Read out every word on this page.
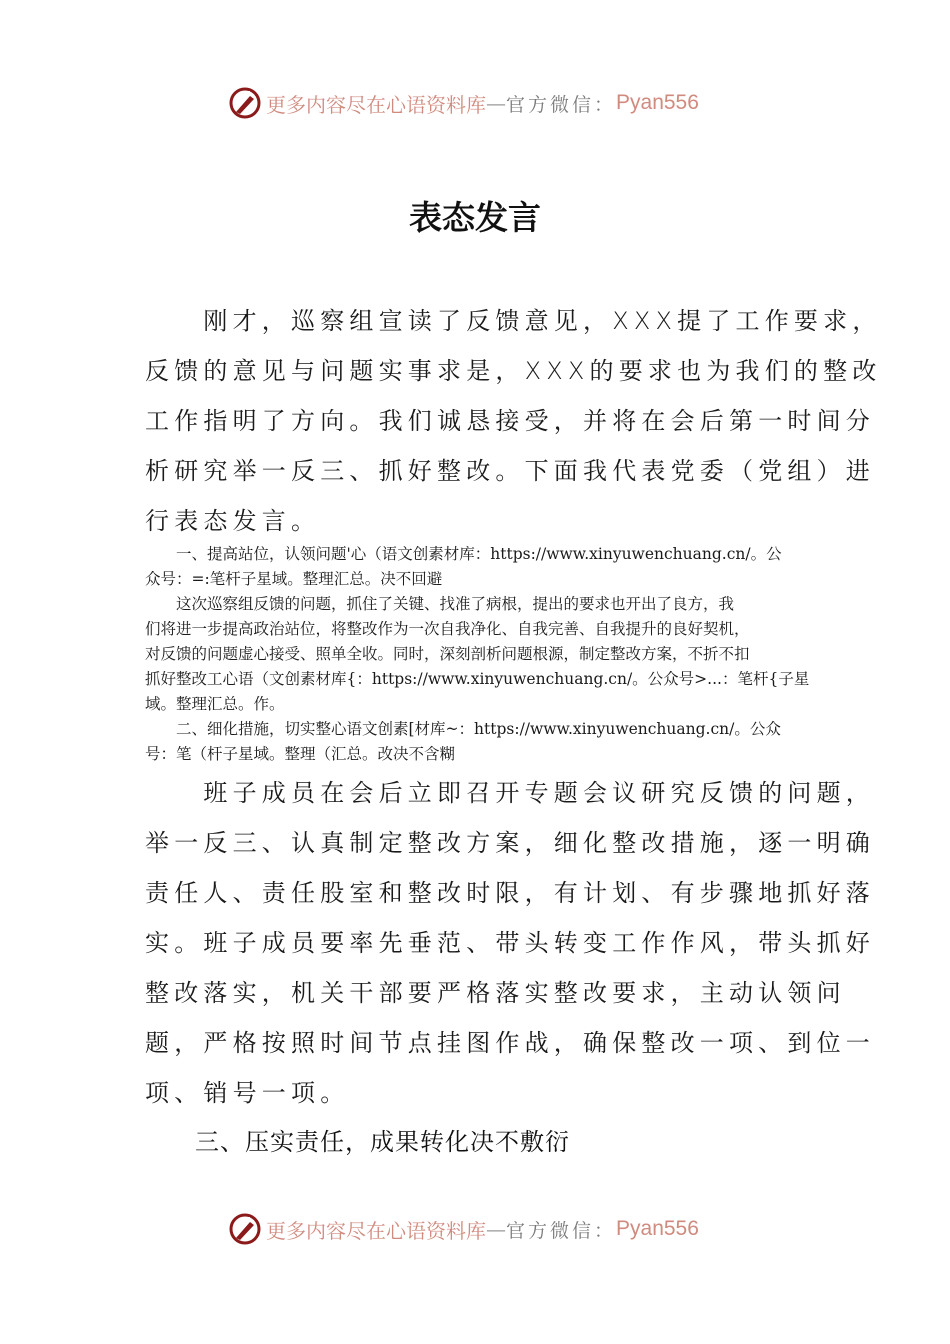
更多内容尽在心语资料库 — 官方微信： Pyan556
表态发言
　　刚才，巡察组宣读了反馈意见，XXX提了工作要求，
反馈的意见与问题实事求是，XXX的要求也为我们的整改
工作指明了方向。我们诚恳接受，并将在会后第一时间分
析研究举一反三、抓好整改。下面我代表党委（党组）进
行表态发言。
　　一、提高站位，认领问题'心（语文创素材库：https://www.xinyuwenchuang.cn/。公
众号：=:笔杆子星域。整理汇总。决不回避
　　这次巡察组反馈的问题，抓住了关键、找准了病根，提出的要求也开出了良方，我
们将进一步提高政治站位，将整改作为一次自我净化、自我完善、自我提升的良好契机，
对反馈的问题虚心接受、照单全收。同时，深刻剖析问题根源，制定整改方案，不折不扣
抓好整改工心语（文创素材库{：https://www.xinyuwenchuang.cn/。公众号>...：笔杆{子星
域。整理汇总。作。
　　二、细化措施，切实整心语文创素[材库~：https://www.xinyuwenchuang.cn/。公众
号：笔（杆子星域。整理（汇总。改决不含糊
　　班子成员在会后立即召开专题会议研究反馈的问题，
举一反三、认真制定整改方案，细化整改措施，逐一明确
责任人、责任股室和整改时限，有计划、有步骤地抓好落
实。班子成员要率先垂范、带头转变工作作风，带头抓好
整改落实，机关干部要严格落实整改要求，主动认领问
题，严格按照时间节点挂图作战，确保整改一项、到位一
项、销号一项。
三、压实责任，成果转化决不敷衍
更多内容尽在心语资料库 — 官方微信： Pyan556
